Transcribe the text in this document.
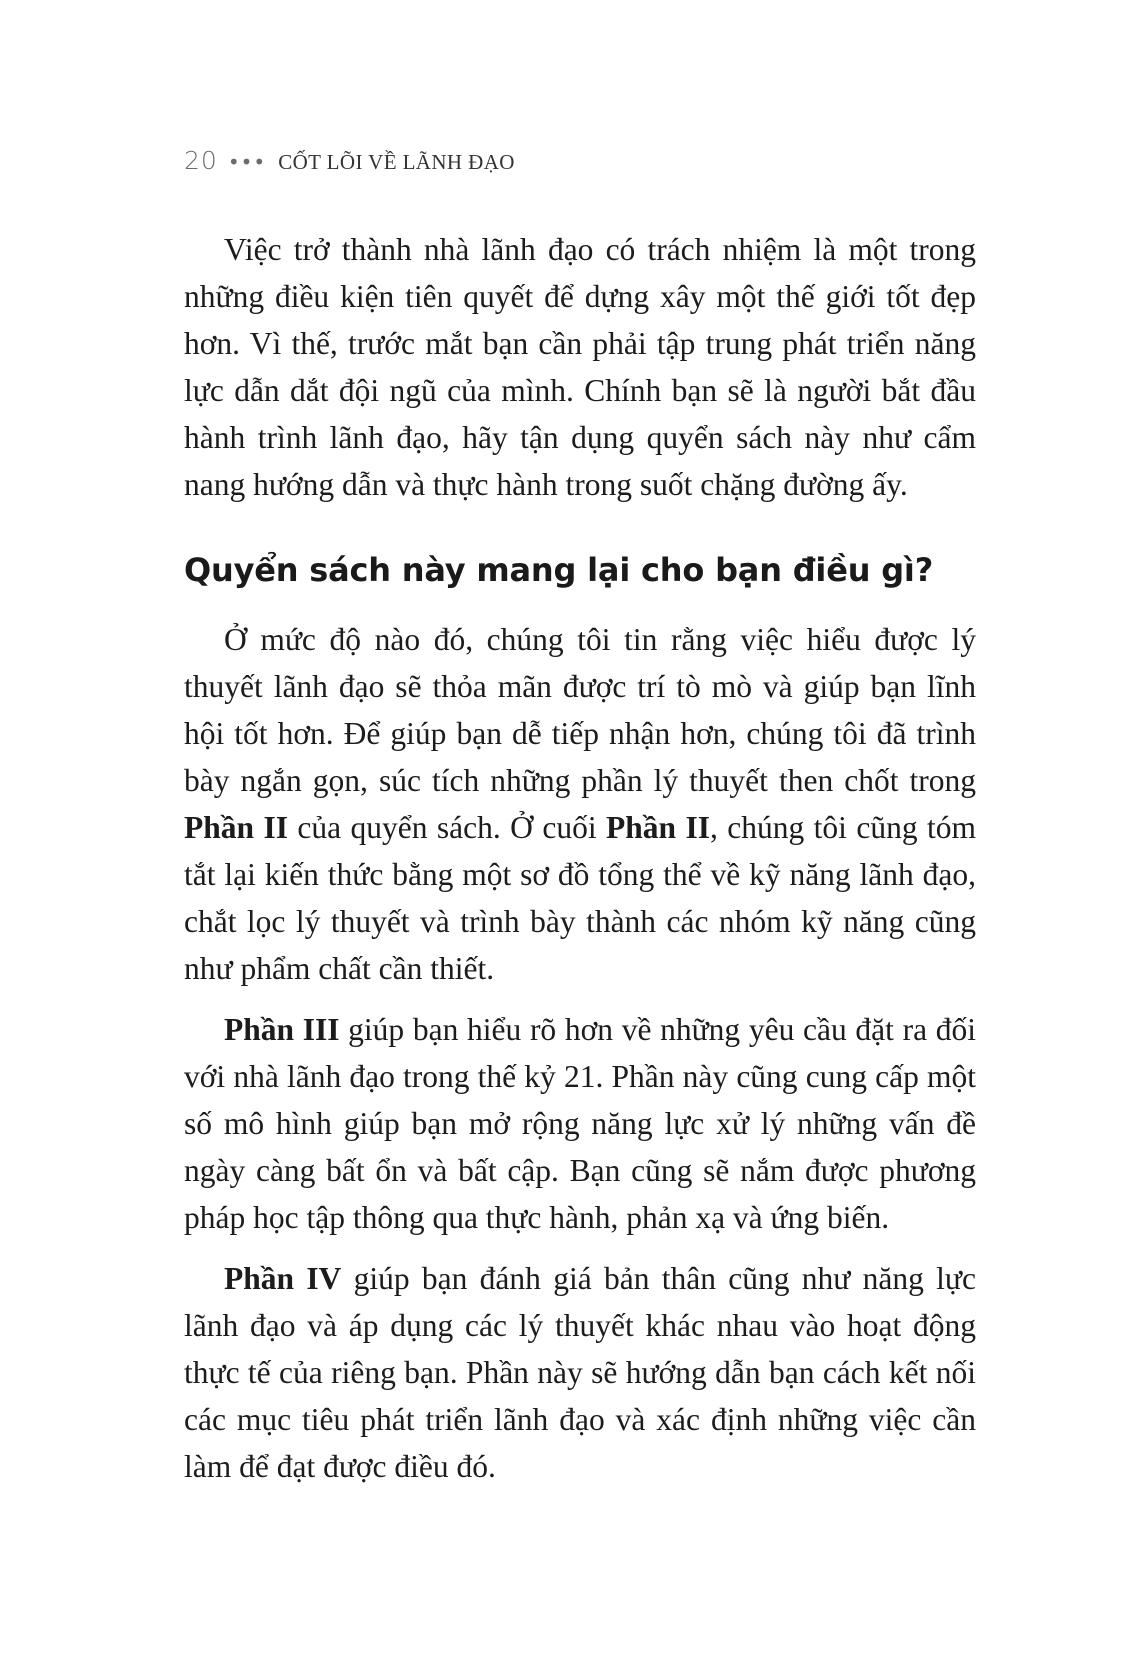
20 ••• CỐT LÕI VỀ LÃNH ĐẠO

Việc trở thành nhà lãnh đạo có trách nhiệm là một trong những điều kiện tiên quyết để dựng xây một thế giới tốt đẹp hơn. Vì thế, trước mắt bạn cần phải tập trung phát triển năng lực dẫn dắt đội ngũ của mình. Chính bạn sẽ là người bắt đầu hành trình lãnh đạo, hãy tận dụng quyển sách này như cẩm nang hướng dẫn và thực hành trong suốt chặng đường ấy.

Quyển sách này mang lại cho bạn điều gì?

Ở mức độ nào đó, chúng tôi tin rằng việc hiểu được lý thuyết lãnh đạo sẽ thỏa mãn được trí tò mò và giúp bạn lĩnh hội tốt hơn. Để giúp bạn dễ tiếp nhận hơn, chúng tôi đã trình bày ngắn gọn, súc tích những phần lý thuyết then chốt trong Phần II của quyển sách. Ở cuối Phần II, chúng tôi cũng tóm tắt lại kiến thức bằng một sơ đồ tổng thể về kỹ năng lãnh đạo, chắt lọc lý thuyết và trình bày thành các nhóm kỹ năng cũng như phẩm chất cần thiết.

Phần III giúp bạn hiểu rõ hơn về những yêu cầu đặt ra đối với nhà lãnh đạo trong thế kỷ 21. Phần này cũng cung cấp một số mô hình giúp bạn mở rộng năng lực xử lý những vấn đề ngày càng bất ổn và bất cập. Bạn cũng sẽ nắm được phương pháp học tập thông qua thực hành, phản xạ và ứng biến.

Phần IV giúp bạn đánh giá bản thân cũng như năng lực lãnh đạo và áp dụng các lý thuyết khác nhau vào hoạt động thực tế của riêng bạn. Phần này sẽ hướng dẫn bạn cách kết nối các mục tiêu phát triển lãnh đạo và xác định những việc cần làm để đạt được điều đó.
